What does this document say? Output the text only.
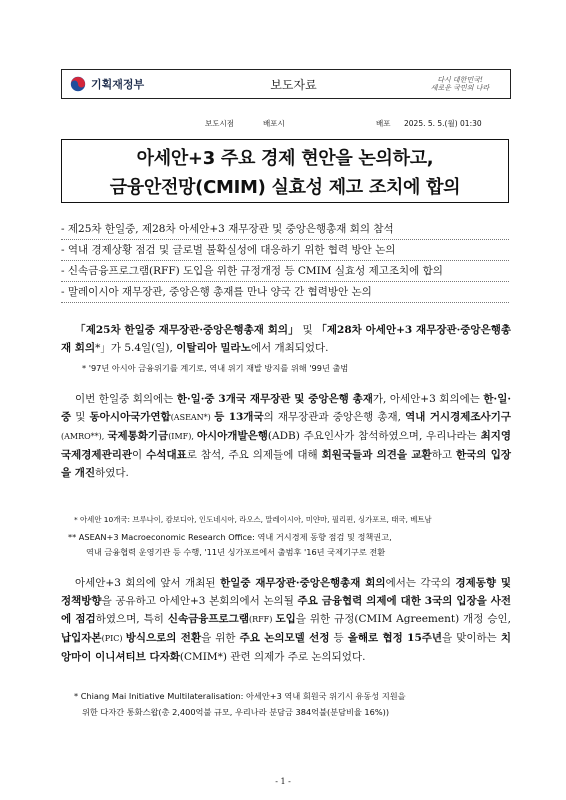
기획재정부	보도자료	다시 대한민국!
새로운 국민의 나라
보도시점	배포시	배포 2025. 5. 5.(월) 01:30
아세안+3 주요 경제 현안을 논의하고,
금융안전망(CMIM) 실효성 제고 조치에 합의
- 제25차 한일중, 제28차 아세안+3 재무장관 및 중앙은행총재 회의 참석
- 역내 경제상황 점검 및 글로벌 불확실성에 대응하기 위한 협력 방안 논의
- 신속금융프로그램(RFF) 도입을 위한 규정개정 등 CMIM 실효성 제고조치에 합의
- 말레이시아 재무장관, 중앙은행 총재를 만나 양국 간 협력방안 논의
「제25차 한일중 재무장관·중앙은행총재 회의」 및 「제28차 아세안+3 재무장관·중앙은행총재 회의*」가 5.4일(일), 이탈리아 밀라노에서 개최되었다.
* '97년 아시아 금융위기를 계기로, 역내 위기 재발 방지를 위해 '99년 출범
이번 한일중 회의에는 한·일·중 3개국 재무장관 및 중앙은행 총재가, 아세안+3 회의에는 한·일·중 및 동아시아국가연합(ASEAN*) 등 13개국의 재무장관과 중앙은행 총재, 역내 거시경제조사기구(AMRO**), 국제통화기금(IMF), 아시아개발은행(ADB) 주요인사가 참석하였으며, 우리나라는 최지영 국제경제관리관이 수석대표로 참석, 주요 의제들에 대해 회원국들과 의견을 교환하고 한국의 입장을 개진하였다.
* 아세안 10개국: 브루나이, 캄보디아, 인도네시아, 라오스, 말레이시아, 미얀마, 필리핀, 싱가포르, 태국, 베트남
** ASEAN+3 Macroeconomic Research Office: 역내 거시경제 동향 점검 및 정책권고,
역내 금융협력 운영기관 등 수행, '11년 싱가포르에서 출범후 '16년 국제기구로 전환
아세안+3 회의에 앞서 개최된 한일중 재무장관·중앙은행총재 회의에서는 각국의 경제동향 및 정책방향을 공유하고 아세안+3 본회의에서 논의될 주요 금융협력 의제에 대한 3국의 입장을 사전에 점검하였으며, 특히 신속금융프로그램(RFF) 도입을 위한 규정(CMIM Agreement) 개정 승인, 납입자본(PIC) 방식으로의 전환을 위한 주요 논의모델 선정 등 올해로 협정 15주년을 맞이하는 치앙마이 이니셔티브 다자화(CMIM*) 관련 의제가 주로 논의되었다.
* Chiang Mai Initiative Multilateralisation: 아세안+3 역내 회원국 위기시 유동성 지원을
위한 다자간 통화스왑(총 2,400억불 규모, 우리나라 분담금 384억불(분담비율 16%))
- 1 -
